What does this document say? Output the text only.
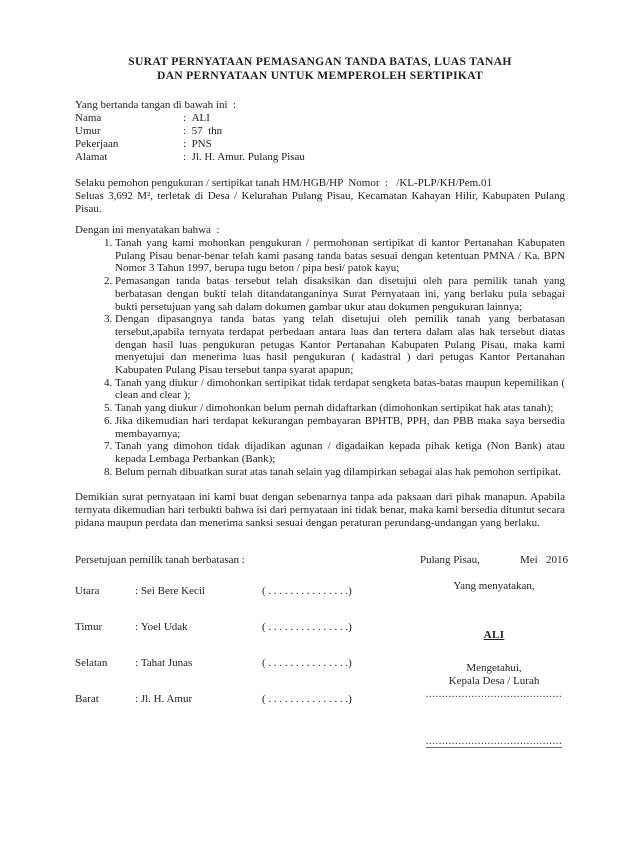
SURAT PERNYATAAN PEMASANGAN TANDA BATAS, LUAS TANAH
DAN PERNYATAAN UNTUK MEMPEROLEH SERTIPIKAT

Yang bertanda tangan di bawah ini  :

Nama	:
ALI
Umur	:
57  thn
Pekerjaan	:
PNS
Alamat	:
Jl. H. Amur. Pulang Pisau
Selaku pemohon pengukuran / sertipikat tanah HM/HGB/HP  Nomor  :   /KL-PLP/KH/Pem.01

Seluas 3,692 M², terletak di Desa / Kelurahan Pulang Pisau, Kecamatan Kahayan Hilir, Kabupaten Pulang Pisau.

Dengan ini menyatakan bahwa  :

1. Tanah yang kami mohonkan pengukuran / permohonan sertipikat di kantor Pertanahan Kabupaten Pulang Pisau benar-benar telah kami pasang tanda batas sesuai dengan ketentuan PMNA / Ka. BPN Nomor 3 Tahun 1997, berupa tugu beton / pipa besi/ patok kayu;
2. Pemasangan tanda batas tersebut telah disaksikan dan disetujui oleh para pemilik tanah yang berbatasan dengan bukti telah ditandatanganinya Surat Pernyataan ini, yang berlaku pula sebagai bukti persetujuan yang sah dalam dokumen gambar ukur atau dokumen pengukuran lainnya;
3. Dengan dipasangnya tanda batas yang telah disetujui oleh pemilik tanah yang berbatasan tersebut,apabila ternyata terdapat perbedaan antara luas dan tertera dalam alas hak tersebut diatas dengan hasil luas pengukuran petugas Kantor Pertanahan Kabupaten Pulang Pisau, maka kami menyetujui dan menerima luas hasil pengukuran ( kadastral ) dari petugas Kantor Pertanahan Kabupaten Pulang Pisau tersebut tanpa syarat apapun;
4. Tanah yang diukur / dimohonkan sertipikat tidak terdapat sengketa batas-batas maupun kepemilikan ( clean and clear );
5. Tanah yang diukur / dimohonkan belum pernah didaftarkan (dimohonkan sertipikat hak atas tanah);
6. Jika dikemudian hari terdapat kekurangan pembayaran BPHTB, PPH, dan PBB maka saya bersedia membayarnya;
7. Tanah yang dimohon tidak dijadikan agunan / digadaikan kepada pihak ketiga (Non Bank) atau kepada Lembaga Perbankan (Bank);
8. Belum pernah dibuatkan surat atas tanah selain yag dilampirkan sebagai alas hak pemohon sertipikat.

Demikian surat pernyataan ini kami buat dengan sebenarnya tanpa ada paksaan dari pihak manapun. Apabila ternyata dikemudian hari terbukti bahwa isi dari pernyataan ini tidak benar, maka kami bersedia dituntut secara pidana maupun perdata dan menerima sanksi sesuai dengan peraturan perundang-undangan yang berlaku.

Persetujuan pemilik tanah berbatasan :	Pulang Pisau,	Mei   2016
Yang menyatakan,
Utara	: Sei Bere Kecil	( . . . . . . . . . . . . . . .)
Timur	: Yoel Udak	( . . . . . . . . . . . . . . .)
ALI
Selatan	: Tahat Junas	( . . . . . . . . . . . . . . .)	Mengetahui,
Kepala Desa / Lurah
..........................................
Barat	: Jl. H. Amur	( . . . . . . . . . . . . . . .)
..........................................
